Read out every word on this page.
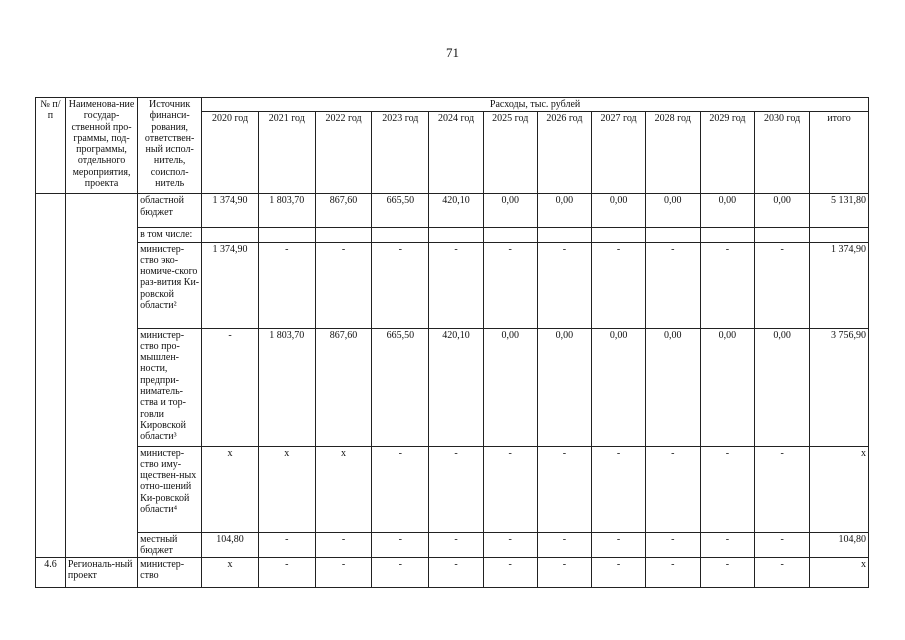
71
№ п/п	Наименова-ние государ-ственной про-граммы, под-программы, отдельного мероприятия, проекта	Источник финанси-рования, ответствен-ный испол-нитель, соиспол-нитель	Расходы, тыс. рублей											
			2020 год	2021 год	2022 год	2023 год	2024 год	2025 год	2026 год	2027 год	2028 год	2029 год	2030 год	итого
		областной бюджет	1 374,90	1 803,70	867,60	665,50	420,10	0,00	0,00	0,00	0,00	0,00	0,00	5 131,80
		в том числе:												
		министер-ство эко-номиче-ского раз-вития Ки-ровской области²	1 374,90	-	-	-	-	-	-	-	-	-	-	1 374,90
		министер-ство про-мышлен-ности, предпри-ниматель-ства и тор-говли Кировской области³	-	1 803,70	867,60	665,50	420,10	0,00	0,00	0,00	0,00	0,00	0,00	3 756,90
		министер-ство иму-ществен-ных отно-шений Ки-ровской области⁴	x	x	x	-	-	-	-	-	-	-	-	x
		местный бюджет	104,80	-	-	-	-	-	-	-	-	-	-	104,80
4.6	Региональ-ный проект	министер-ство	x	-	-	-	-	-	-	-	-	-	-	x
